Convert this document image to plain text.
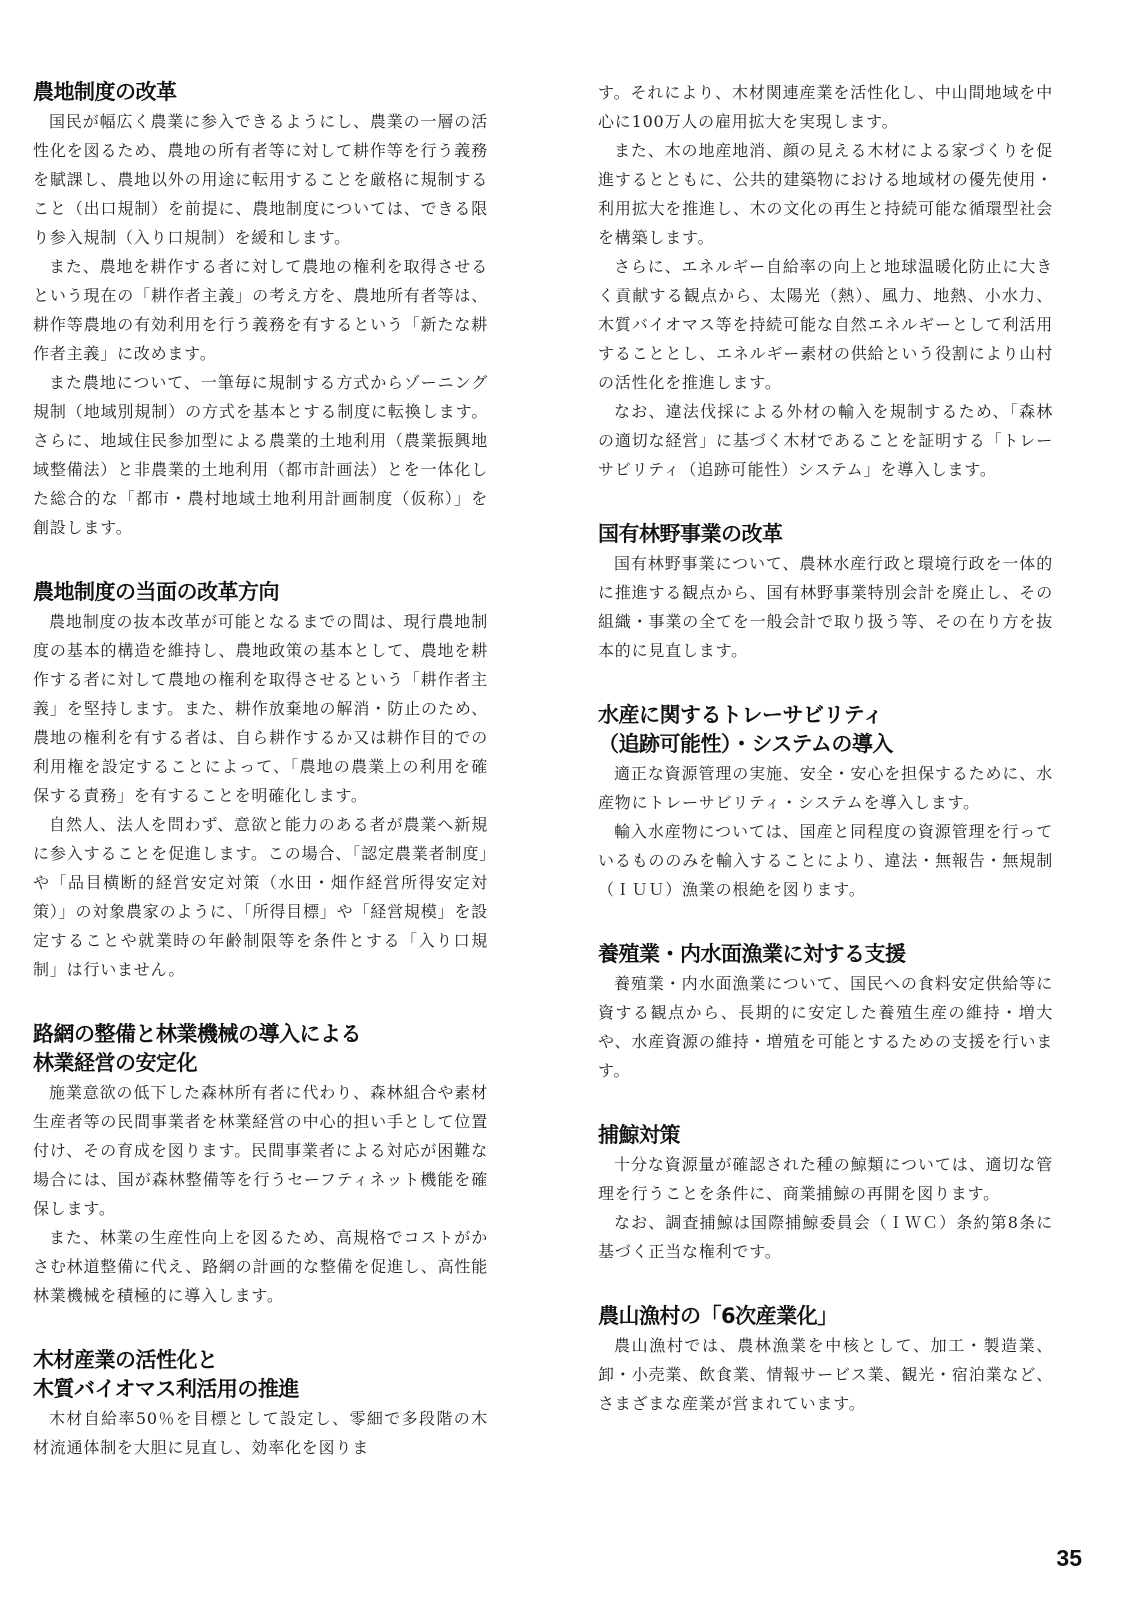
農地制度の改革

国民が幅広く農業に参入できるようにし、農業の一層の活性化を図るため、農地の所有者等に対して耕作等を行う義務を賦課し、農地以外の用途に転用することを厳格に規制すること（出口規制）を前提に、農地制度については、できる限り参入規制（入り口規制）を緩和します。

また、農地を耕作する者に対して農地の権利を取得させるという現在の「耕作者主義」の考え方を、農地所有者等は、耕作等農地の有効利用を行う義務を有するという「新たな耕作者主義」に改めます。

また農地について、一筆毎に規制する方式からゾーニング規制（地域別規制）の方式を基本とする制度に転換します。さらに、地域住民参加型による農業的土地利用（農業振興地域整備法）と非農業的土地利用（都市計画法）とを一体化した総合的な「都市・農村地域土地利用計画制度（仮称）」を創設します。

農地制度の当面の改革方向

農地制度の抜本改革が可能となるまでの間は、現行農地制度の基本的構造を維持し、農地政策の基本として、農地を耕作する者に対して農地の権利を取得させるという「耕作者主義」を堅持します。また、耕作放棄地の解消・防止のため、農地の権利を有する者は、自ら耕作するか又は耕作目的での利用権を設定することによって、「農地の農業上の利用を確保する責務」を有することを明確化します。

自然人、法人を問わず、意欲と能力のある者が農業へ新規に参入することを促進します。この場合、「認定農業者制度」や「品目横断的経営安定対策（水田・畑作経営所得安定対策）」の対象農家のように、「所得目標」や「経営規模」を設定することや就業時の年齢制限等を条件とする「入り口規制」は行いません。

路網の整備と林業機械の導入による
林業経営の安定化

施業意欲の低下した森林所有者に代わり、森林組合や素材生産者等の民間事業者を林業経営の中心的担い手として位置付け、その育成を図ります。民間事業者による対応が困難な場合には、国が森林整備等を行うセーフティネット機能を確保します。

また、林業の生産性向上を図るため、高規格でコストがかさむ林道整備に代え、路網の計画的な整備を促進し、高性能林業機械を積極的に導入します。

木材産業の活性化と
木質バイオマス利活用の推進

木材自給率50％を目標として設定し、零細で多段階の木材流通体制を大胆に見直し、効率化を図りま

す。それにより、木材関連産業を活性化し、中山間地域を中心に100万人の雇用拡大を実現します。

また、木の地産地消、顔の見える木材による家づくりを促進するとともに、公共的建築物における地域材の優先使用・利用拡大を推進し、木の文化の再生と持続可能な循環型社会を構築します。

さらに、エネルギー自給率の向上と地球温暖化防止に大きく貢献する観点から、太陽光（熱）、風力、地熱、小水力、木質バイオマス等を持続可能な自然エネルギーとして利活用することとし、エネルギー素材の供給という役割により山村の活性化を推進します。

なお、違法伐採による外材の輸入を規制するため、「森林の適切な経営」に基づく木材であることを証明する「トレーサビリティ（追跡可能性）システム」を導入します。

国有林野事業の改革

国有林野事業について、農林水産行政と環境行政を一体的に推進する観点から、国有林野事業特別会計を廃止し、その組織・事業の全てを一般会計で取り扱う等、その在り方を抜本的に見直します。

水産に関するトレーサビリティ
（追跡可能性）・システムの導入

適正な資源管理の実施、安全・安心を担保するために、水産物にトレーサビリティ・システムを導入します。

輸入水産物については、国産と同程度の資源管理を行っているもののみを輸入することにより、違法・無報告・無規制（ＩＵＵ）漁業の根絶を図ります。

養殖業・内水面漁業に対する支援

養殖業・内水面漁業について、国民への食料安定供給等に資する観点から、長期的に安定した養殖生産の維持・増大や、水産資源の維持・増殖を可能とするための支援を行います。

捕鯨対策

十分な資源量が確認された種の鯨類については、適切な管理を行うことを条件に、商業捕鯨の再開を図ります。

なお、調査捕鯨は国際捕鯨委員会（ＩＷＣ）条約第8条に基づく正当な権利です。

農山漁村の「6次産業化」

農山漁村では、農林漁業を中核として、加工・製造業、卸・小売業、飲食業、情報サービス業、観光・宿泊業など、さまざまな産業が営まれています。

35
